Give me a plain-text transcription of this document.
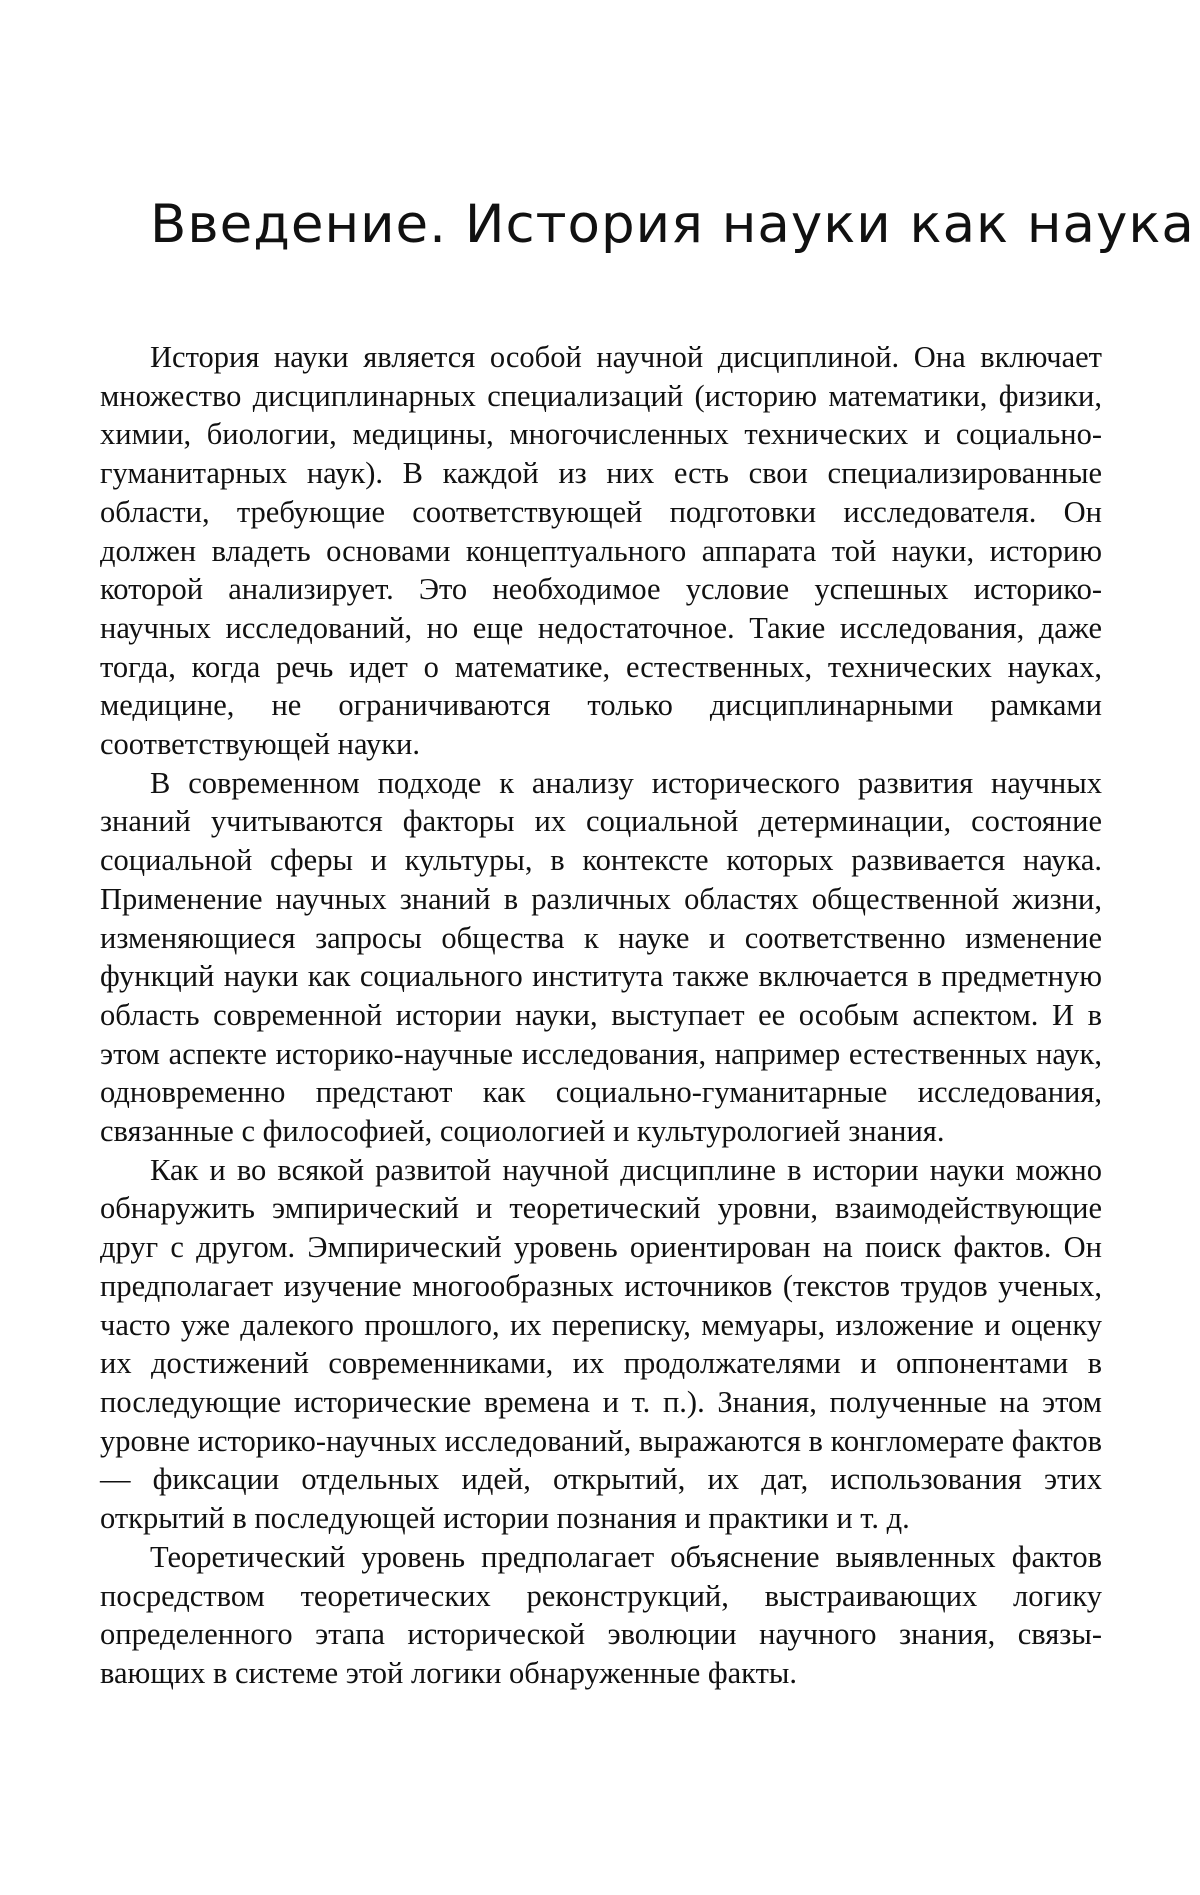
Введение. История науки как наука

История науки является особой научной дисциплиной. Она включает множество дисциплинарных специализаций (историю математики, физики, химии, биологии, медицины, многочисленных технических и социально-гуманитарных наук). В каждой из них есть свои специализированные области, требующие соответствующей подготовки исследователя. Он должен владеть основами концептуального аппарата той науки, историю которой анализирует. Это необходимое условие успешных историко-научных исследований, но еще недостаточное. Такие исследования, даже тогда, когда речь идет о математике, естественных, технических науках, медицине, не ограничиваются только дисциплинарными рамками соответствующей науки.

В современном подходе к анализу исторического развития научных знаний учитываются факторы их социальной детерминации, состояние социальной сферы и культуры, в контексте которых развивается наука. Применение научных знаний в различных областях общественной жизни, изменяющиеся запросы общества к науке и соответственно изменение функций науки как социального института также включается в предметную область современной истории науки, выступает ее особым аспектом. И в этом аспекте историко-научные исследования, например естественных наук, одновременно предстают как социально-гуманитарные исследования, связанные с философией, социологией и культурологией знания.

Как и во всякой развитой научной дисциплине в истории науки можно обнаружить эмпирический и теоретический уровни, взаимодействующие друг с другом. Эмпирический уровень ориентирован на поиск фактов. Он предполагает изучение многообразных источников (текстов трудов ученых, часто уже далекого прошлого, их переписку, мемуары, изложение и оценку их достижений современниками, их продолжателями и оппонентами в последующие исторические времена и т. п.). Знания, полученные на этом уровне историко-научных исследований, выражаются в конгломерате фактов — фиксации отдельных идей, открытий, их дат, использования этих открытий в последующей истории познания и практики и т. д.

Теоретический уровень предполагает объяснение выявленных фактов посредством теоретических реконструкций, выстраивающих логику определенного этапа исторической эволюции научного знания, связывающих в системе этой логики обнаруженные факты.
